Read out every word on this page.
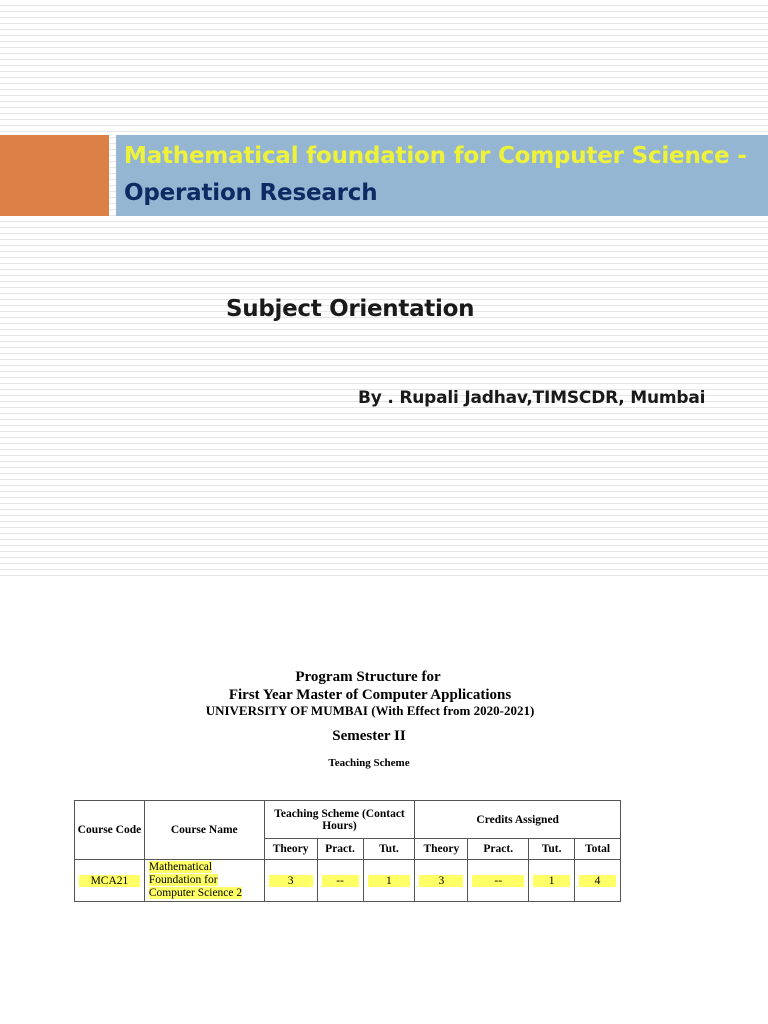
Mathematical foundation for Computer Science -
Operation Research
Subject Orientation
By . Rupali Jadhav,TIMSCDR, Mumbai
Program Structure for
First Year Master of Computer Applications
UNIVERSITY OF MUMBAI (With Effect from 2020-2021)
Semester II
Teaching Scheme
Course Code	Course Name	Teaching Scheme (Contact Hours)			Credits Assigned			
		Theory	Pract.	Tut.	Theory	Pract.	Tut.	Total

MCA21	Mathematical
Foundation for
Computer Science 2	3	--	1	3	--	1	4
